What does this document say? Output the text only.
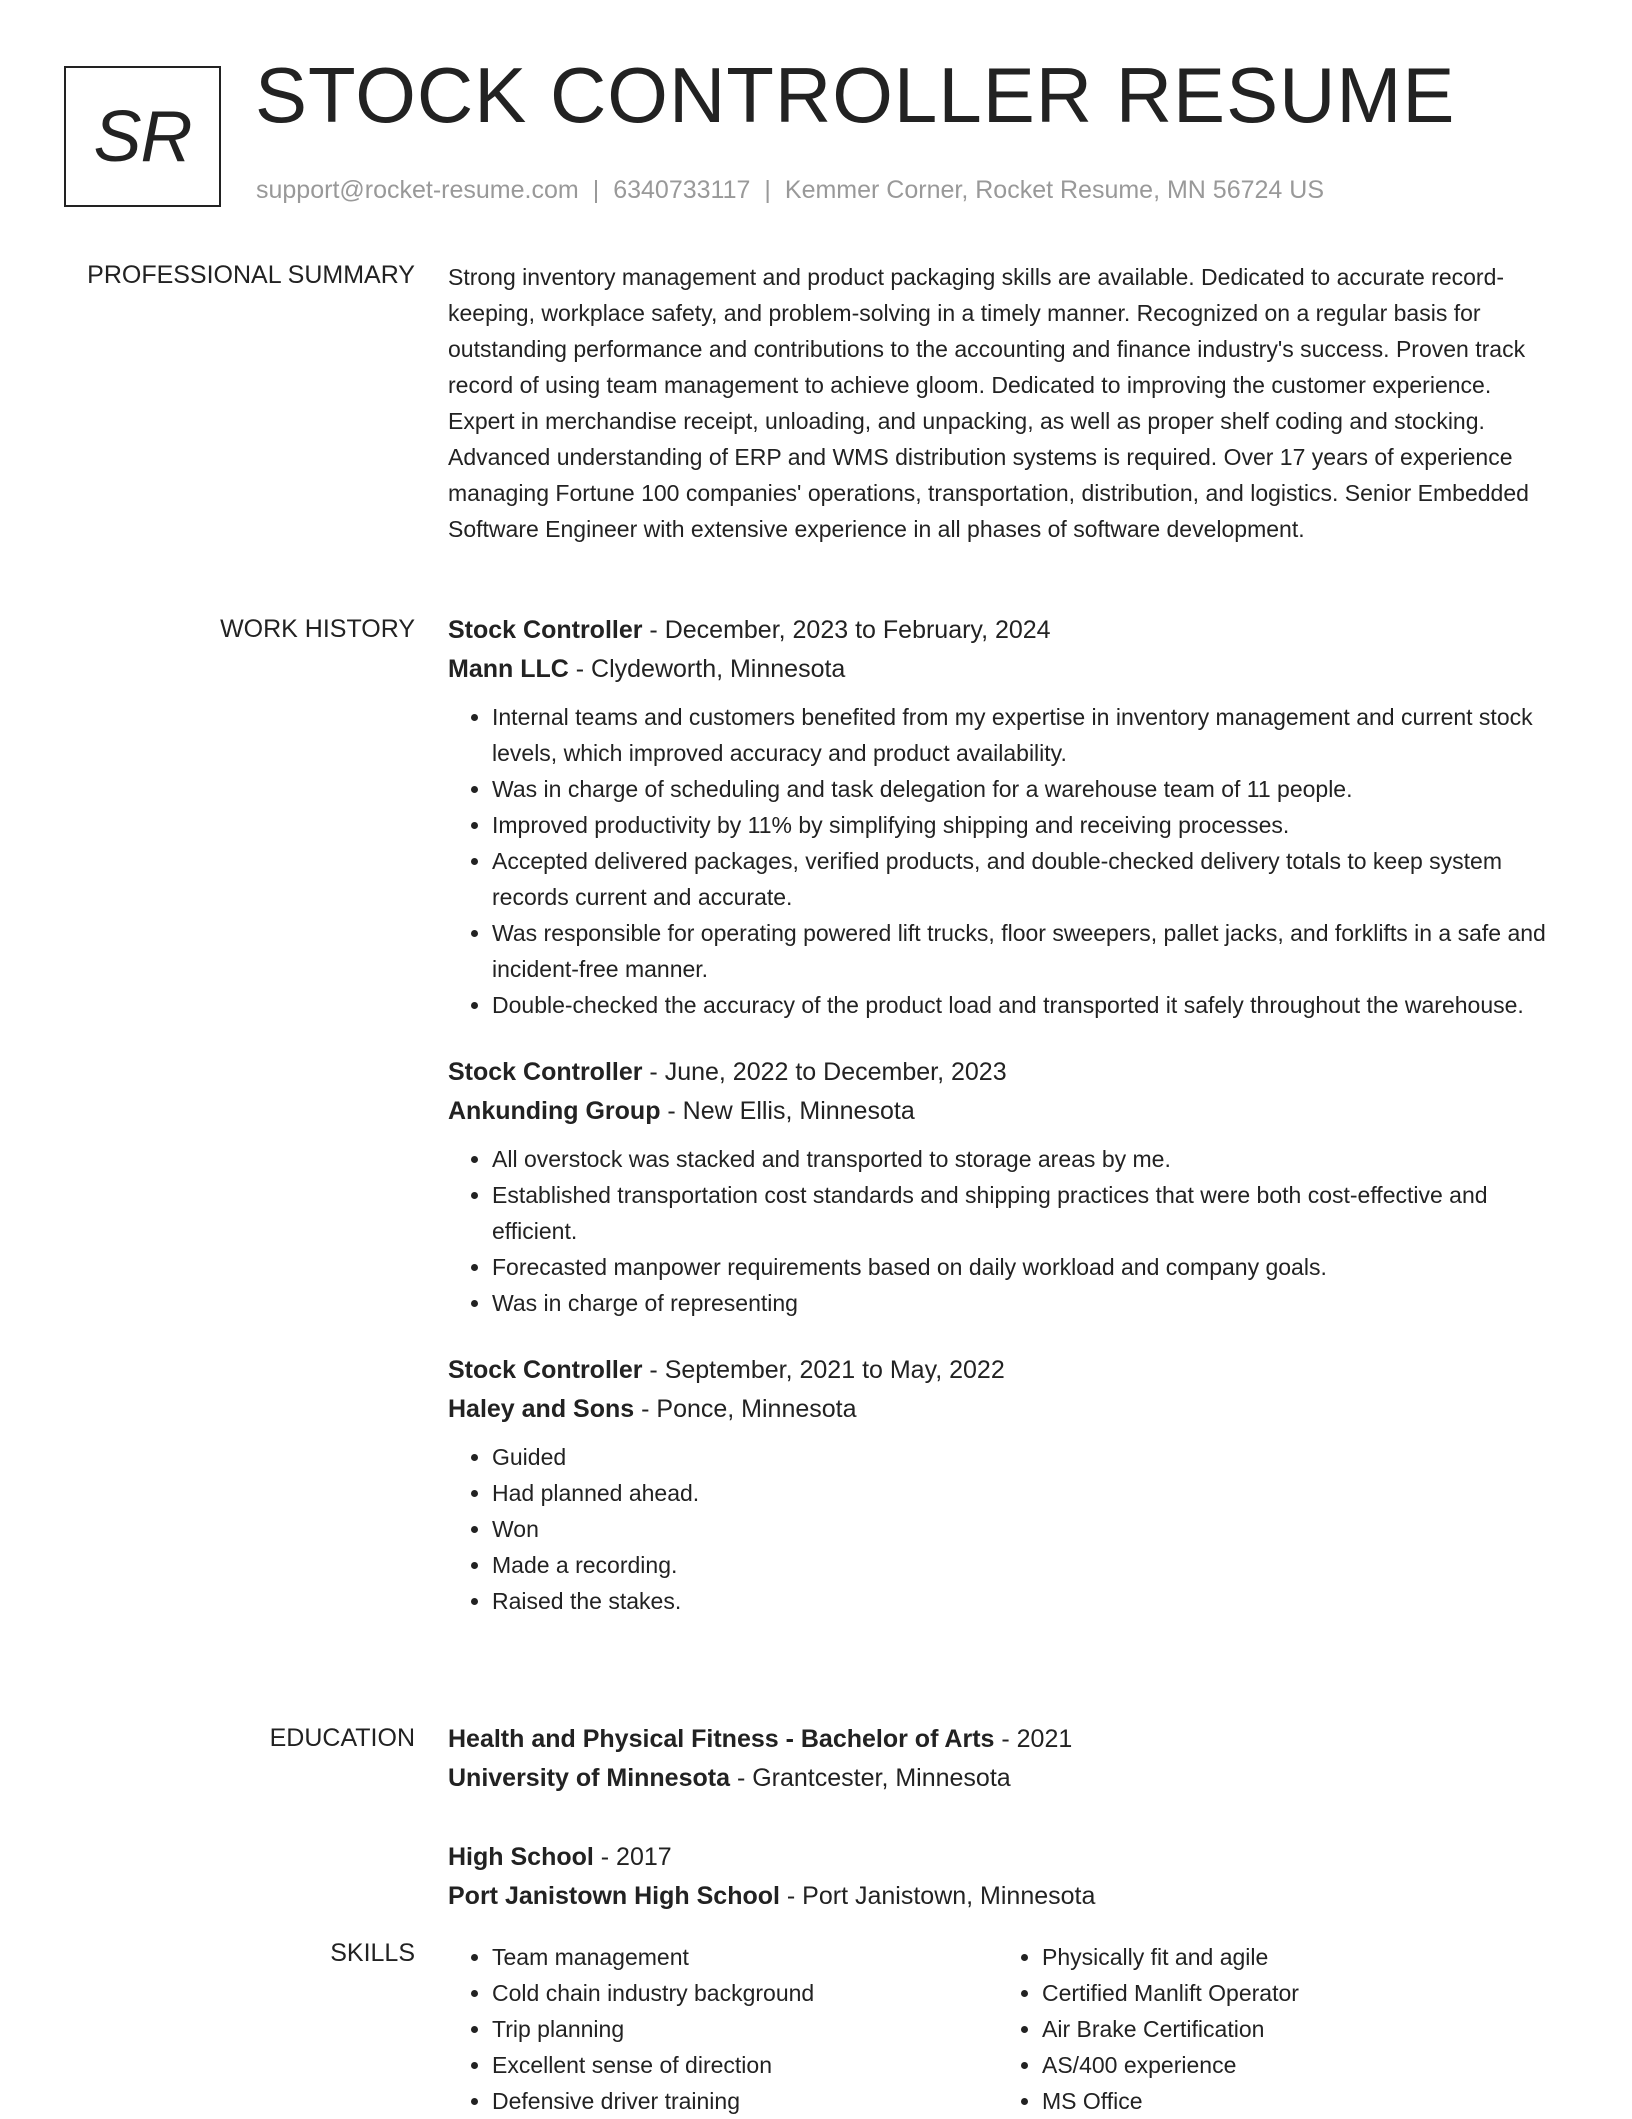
SR STOCK CONTROLLER RESUME
support@rocket-resume.com | 6340733117 | Kemmer Corner, Rocket Resume, MN 56724 US
PROFESSIONAL SUMMARY Strong inventory management and product packaging skills are available. Dedicated to accurate record-keeping, workplace safety, and problem-solving in a timely manner. Recognized on a regular basis for outstanding performance and contributions to the accounting and finance industry's success. Proven track record of using team management to achieve gloom. Dedicated to improving the customer experience. Expert in merchandise receipt, unloading, and unpacking, as well as proper shelf coding and stocking. Advanced understanding of ERP and WMS distribution systems is required. Over 17 years of experience managing Fortune 100 companies' operations, transportation, distribution, and logistics. Senior Embedded Software Engineer with extensive experience in all phases of software development.

WORK HISTORY Stock Controller - December, 2023 to February, 2024
Mann LLC - Clydeworth, Minnesota
• Internal teams and customers benefited from my expertise in inventory management and current stock levels, which improved accuracy and product availability.
• Was in charge of scheduling and task delegation for a warehouse team of 11 people.
• Improved productivity by 11% by simplifying shipping and receiving processes.
• Accepted delivered packages, verified products, and double-checked delivery totals to keep system records current and accurate.
• Was responsible for operating powered lift trucks, floor sweepers, pallet jacks, and forklifts in a safe and incident-free manner.
• Double-checked the accuracy of the product load and transported it safely throughout the warehouse.
Stock Controller - June, 2022 to December, 2023
Ankunding Group - New Ellis, Minnesota
• All overstock was stacked and transported to storage areas by me.
• Established transportation cost standards and shipping practices that were both cost-effective and efficient.
• Forecasted manpower requirements based on daily workload and company goals.
• Was in charge of representing
Stock Controller - September, 2021 to May, 2022
Haley and Sons - Ponce, Minnesota
• Guided
• Had planned ahead.
• Won
• Made a recording.
• Raised the stakes.
EDUCATION Health and Physical Fitness - Bachelor of Arts - 2021
University of Minnesota - Grantcester, Minnesota
High School - 2017
Port Janistown High School - Port Janistown, Minnesota
SKILLS
•	Team management
• Cold chain industry background
• Trip planning
• Excellent sense of direction
• Defensive driver training
• Physically fit and agile
• Certified Manlift Operator
• Air Brake Certification
• AS/400 experience
• MS Office
